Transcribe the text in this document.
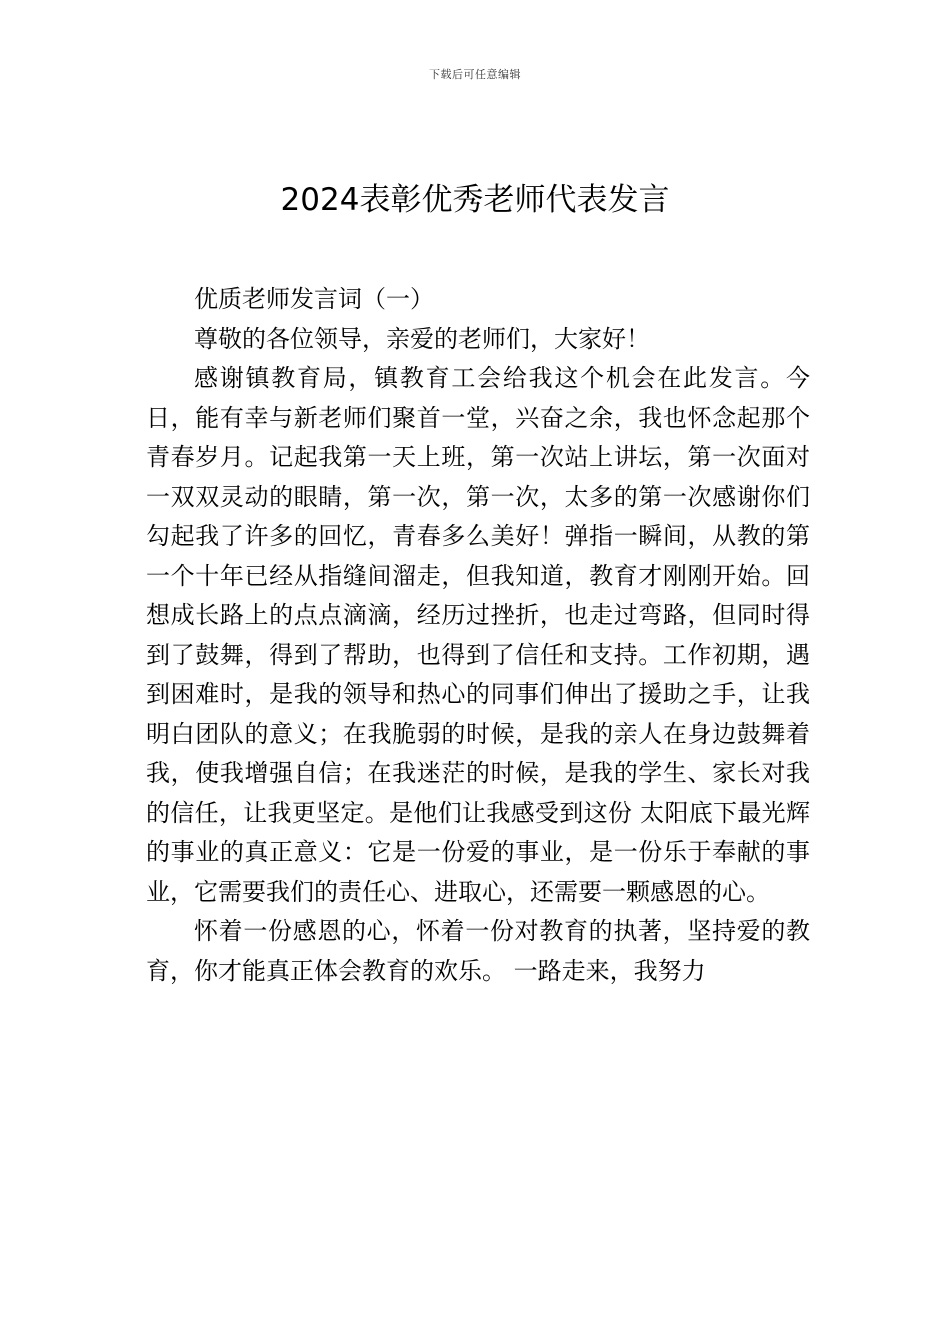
下载后可任意编辑
2024表彰优秀老师代表发言

优质老师发言词（一）

尊敬的各位领导，亲爱的老师们，大家好！

感谢镇教育局，镇教育工会给我这个机会在此发言。今日，能有幸与新老师们聚首一堂，兴奋之余，我也怀念起那个青春岁月。记起我第一天上班，第一次站上讲坛，第一次面对一双双灵动的眼睛，第一次，第一次，太多的第一次感谢你们勾起我了许多的回忆，青春多么美好！弹指一瞬间，从教的第一个十年已经从指缝间溜走，但我知道，教育才刚刚开始。回想成长路上的点点滴滴，经历过挫折，也走过弯路，但同时得到了鼓舞，得到了帮助，也得到了信任和支持。工作初期，遇到困难时，是我的领导和热心的同事们伸出了援助之手，让我明白团队的意义；在我脆弱的时候，是我的亲人在身边鼓舞着我，使我增强自信；在我迷茫的时候，是我的学生、家长对我的信任，让我更坚定。是他们让我感受到这份 太阳底下最光辉的事业的真正意义：它是一份爱的事业，是一份乐于奉献的事业，它需要我们的责任心、进取心，还需要一颗感恩的心。

怀着一份感恩的心，怀着一份对教育的执著，坚持爱的教育，你才能真正体会教育的欢乐。 一路走来，我努力
